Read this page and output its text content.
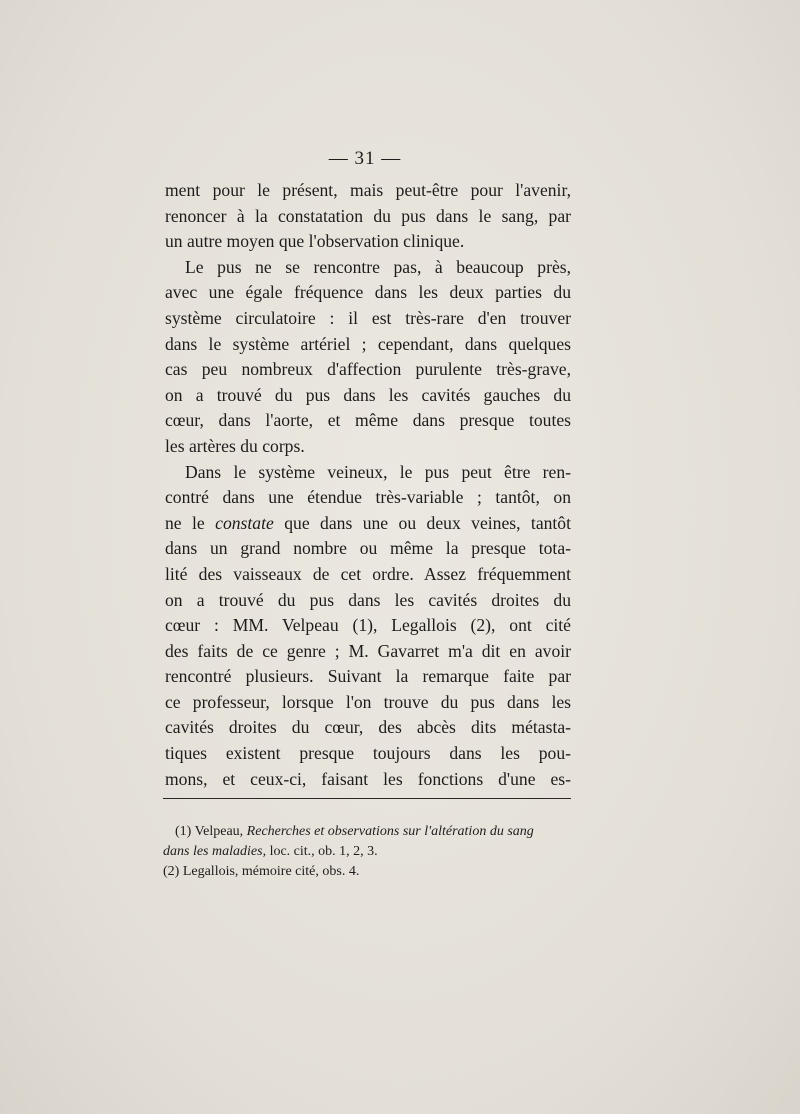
— 31 —
ment pour le présent, mais peut-être pour l'avenir,
renoncer à la constatation du pus dans le sang, par
un autre moyen que l'observation clinique.
Le pus ne se rencontre pas, à beaucoup près,
avec une égale fréquence dans les deux parties du
système circulatoire : il est très-rare d'en trouver
dans le système artériel ; cependant, dans quelques
cas peu nombreux d'affection purulente très-grave,
on a trouvé du pus dans les cavités gauches du
cœur, dans l'aorte, et même dans presque toutes
les artères du corps.
Dans le système veineux, le pus peut être ren-
contré dans une étendue très-variable ; tantôt, on
ne le constate que dans une ou deux veines, tantôt
dans un grand nombre ou même la presque tota-
lité des vaisseaux de cet ordre. Assez fréquemment
on a trouvé du pus dans les cavités droites du
cœur : MM. Velpeau (1), Legallois (2), ont cité
des faits de ce genre ; M. Gavarret m'a dit en avoir
rencontré plusieurs. Suivant la remarque faite par
ce professeur, lorsque l'on trouve du pus dans les
cavités droites du cœur, des abcès dits métasta-
tiques existent presque toujours dans les pou-
mons, et ceux-ci, faisant les fonctions d'une es-
(1) Velpeau, Recherches et observations sur l'altération du sang
dans les maladies, loc. cit., ob. 1, 2, 3.
(2) Legallois, mémoire cité, obs. 4.
